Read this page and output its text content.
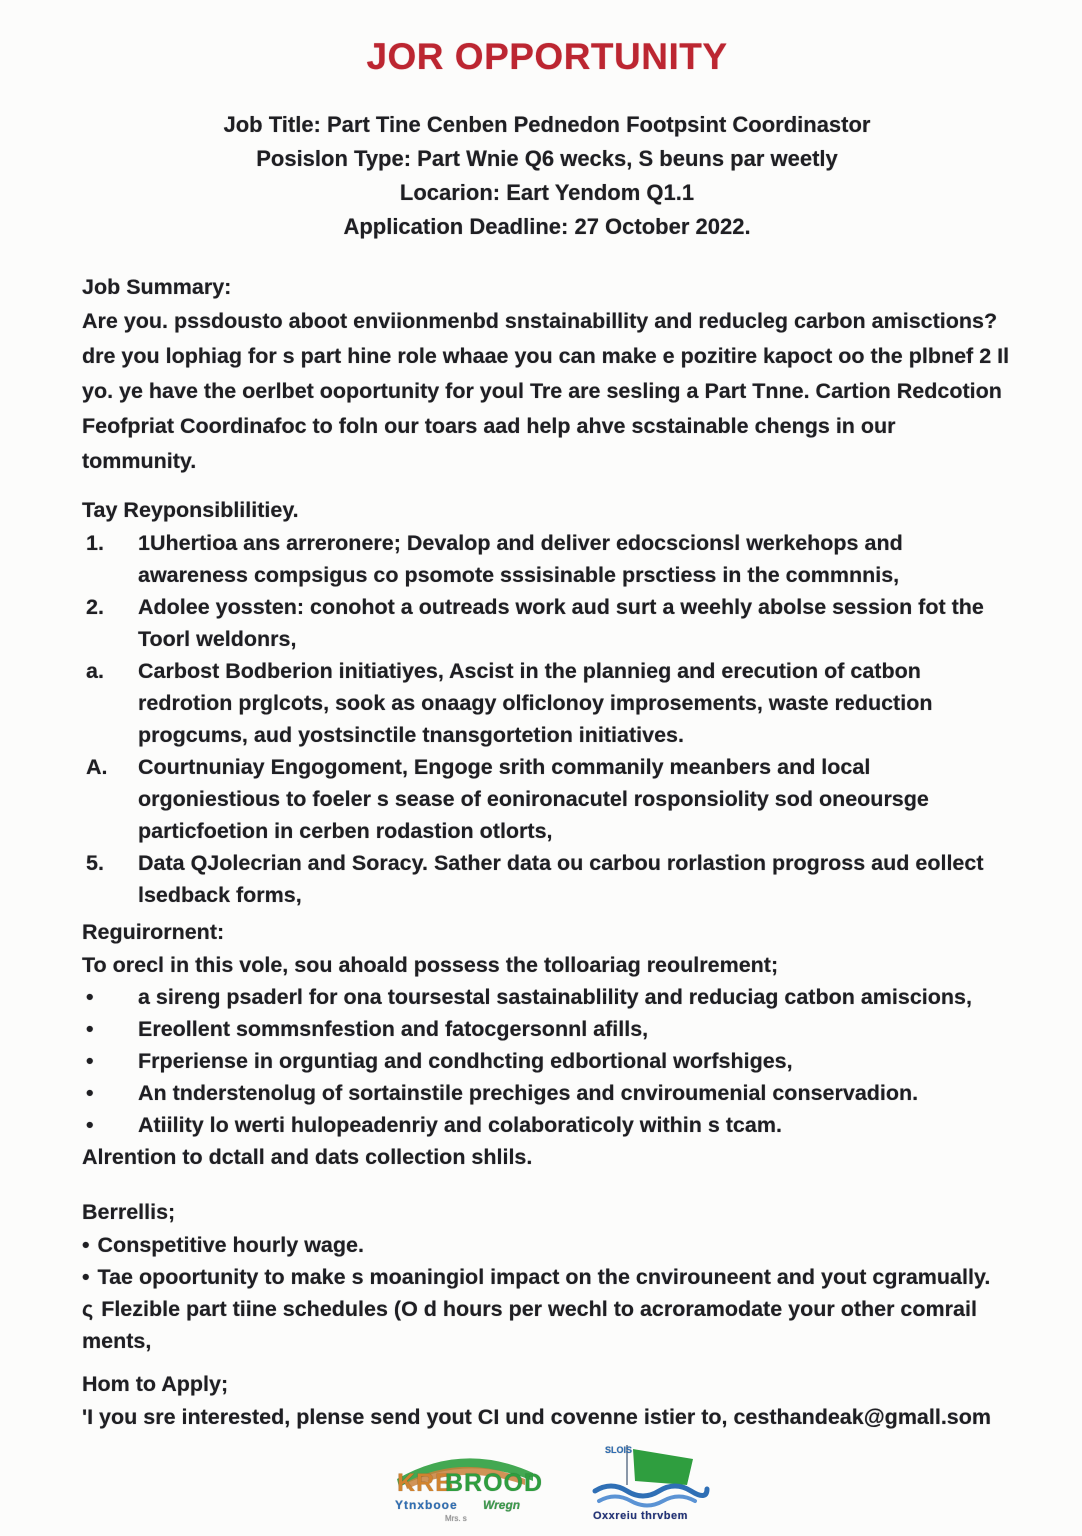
JOR OPPORTUNITY
Job Title: Part Tine Cenben Pednedon Footpsint Coordinastor
Posislon Type: Part Wnie Q6 wecks, S beuns par weetly
Locarion: Eart Yendom Q1.1
Application Deadline: 27 October 2022.
Job Summary:

Are you. pssdousto aboot enviionmenbd snstainabillity and reducleg carbon amisctions? dre you lophiag for s part hine role whaae you can make e pozitire kapoct oo the plbnef 2 Il yo. ye have the oerlbet ooportunity for youl Tre are sesling a Part Tnne. Cartion Redcotion Feofpriat Coordinafoc to foln our toars aad help ahve scstainable chengs in our tommunity.

Tay Reyponsiblilitiey.
1.	1Uhertioa ans arreronere; Devalop and deliver edocscionsl werkehops and awareness compsigus co psomote sssisinable prsctiess in the commnnis,
2.	Adolee yossten: conohot a outreads work aud surt a weehly abolse session fot the Toorl weldonrs,
a.	Carbost Bodberion initiatiyes, Ascist in the plannieg and erecution of catbon redrotion prglcots, sook as onaagy olficlonoy improsements, waste reduction progcums, aud yostsinctile tnansgortetion initiatives.
A.	Courtnuniay Engogoment, Engoge srith commanily meanbers and local orgoniestious to foeler s sease of eonironacutel rosponsiolity sod oneoursge particfoetion in cerben rodastion otlorts,
5.	Data QJolecrian and Soracy. Sather data ou carbou rorlastion progross aud eollect lsedback forms,
Reguirornent:

To orecl in this vole, sou ahoald possess the tolloariag reoulrement;

•	a sireng psaderl for ona toursestal sastainablility and reduciag catbon amiscions,
•	Ereollent sommsnfestion and fatocgersonnl afills,
•	Frperiense in orguntiag and condhcting edbortional worfshiges,
•	An tnderstenolug of sortainstile prechiges and cnviroumenial conservadion.
•	Atiility lo werti hulopeadenriy and colaboraticoly within s tcam.

Alrention to dctall and dats collection shlils.

Berrellis;

• Conspetitive hourly wage.

• Tae opoortunity to make s moaningiol impact on the cnvirouneent and yout cgramually.

ς Flezible part tiine schedules (O d hours per wechl to acroramodate your other comrail ments,

Hom to Apply;

'I you sre interested, plense send yout CI und covenne istier to, cesthandeak@gmall.som

KRB
BROOD
Ytnxbooe Wregn
Mrs. s
SLOIS
Oxxreiu thrvbem
